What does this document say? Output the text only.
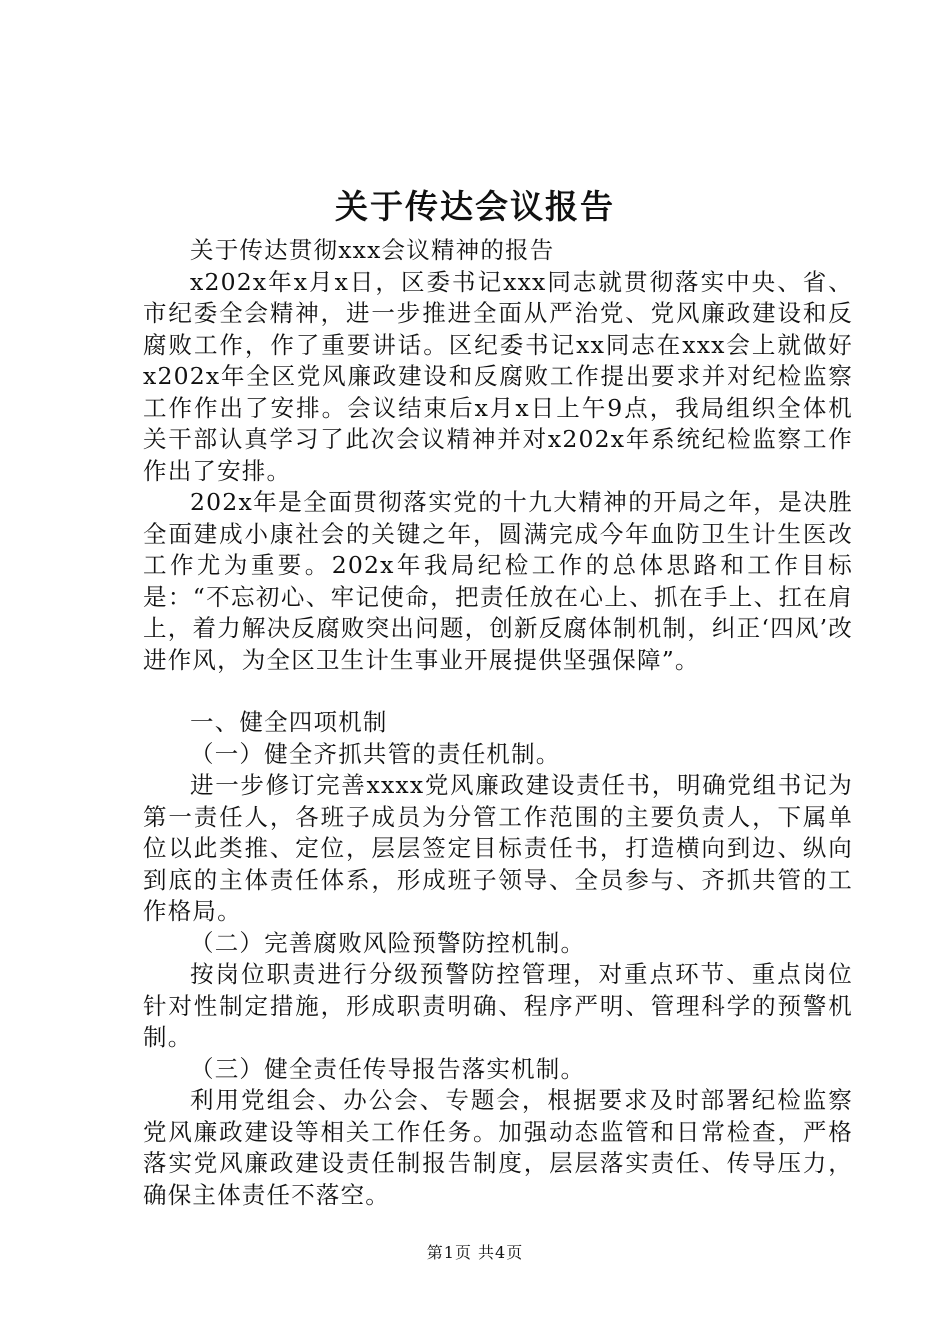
关于传达会议报告

关于传达贯彻xxx会议精神的报告

x202x年x月x日，区委书记xxx同志就贯彻落实中央、省、市纪委全会精神，进一步推进全面从严治党、党风廉政建设和反腐败工作，作了重要讲话。区纪委书记xx同志在xxx会上就做好x202x年全区党风廉政建设和反腐败工作提出要求并对纪检监察工作作出了安排。会议结束后x月x日上午9点，我局组织全体机关干部认真学习了此次会议精神并对x202x年系统纪检监察工作作出了安排。

202x年是全面贯彻落实党的十九大精神的开局之年，是决胜全面建成小康社会的关键之年，圆满完成今年血防卫生计生医改工作尤为重要。202x年我局纪检工作的总体思路和工作目标是：“不忘初心、牢记使命，把责任放在心上、抓在手上、扛在肩上，着力解决反腐败突出问题，创新反腐体制机制，纠正‘四风’改进作风，为全区卫生计生事业开展提供坚强保障”。

一、健全四项机制

（一）健全齐抓共管的责任机制。

进一步修订完善xxxx党风廉政建设责任书，明确党组书记为第一责任人，各班子成员为分管工作范围的主要负责人，下属单位以此类推、定位，层层签定目标责任书，打造横向到边、纵向到底的主体责任体系，形成班子领导、全员参与、齐抓共管的工作格局。

（二）完善腐败风险预警防控机制。

按岗位职责进行分级预警防控管理，对重点环节、重点岗位针对性制定措施，形成职责明确、程序严明、管理科学的预警机制。

（三）健全责任传导报告落实机制。

利用党组会、办公会、专题会，根据要求及时部署纪检监察党风廉政建设等相关工作任务。加强动态监管和日常检查，严格落实党风廉政建设责任制报告制度，层层落实责任、传导压力，确保主体责任不落空。

第1页 共4页
